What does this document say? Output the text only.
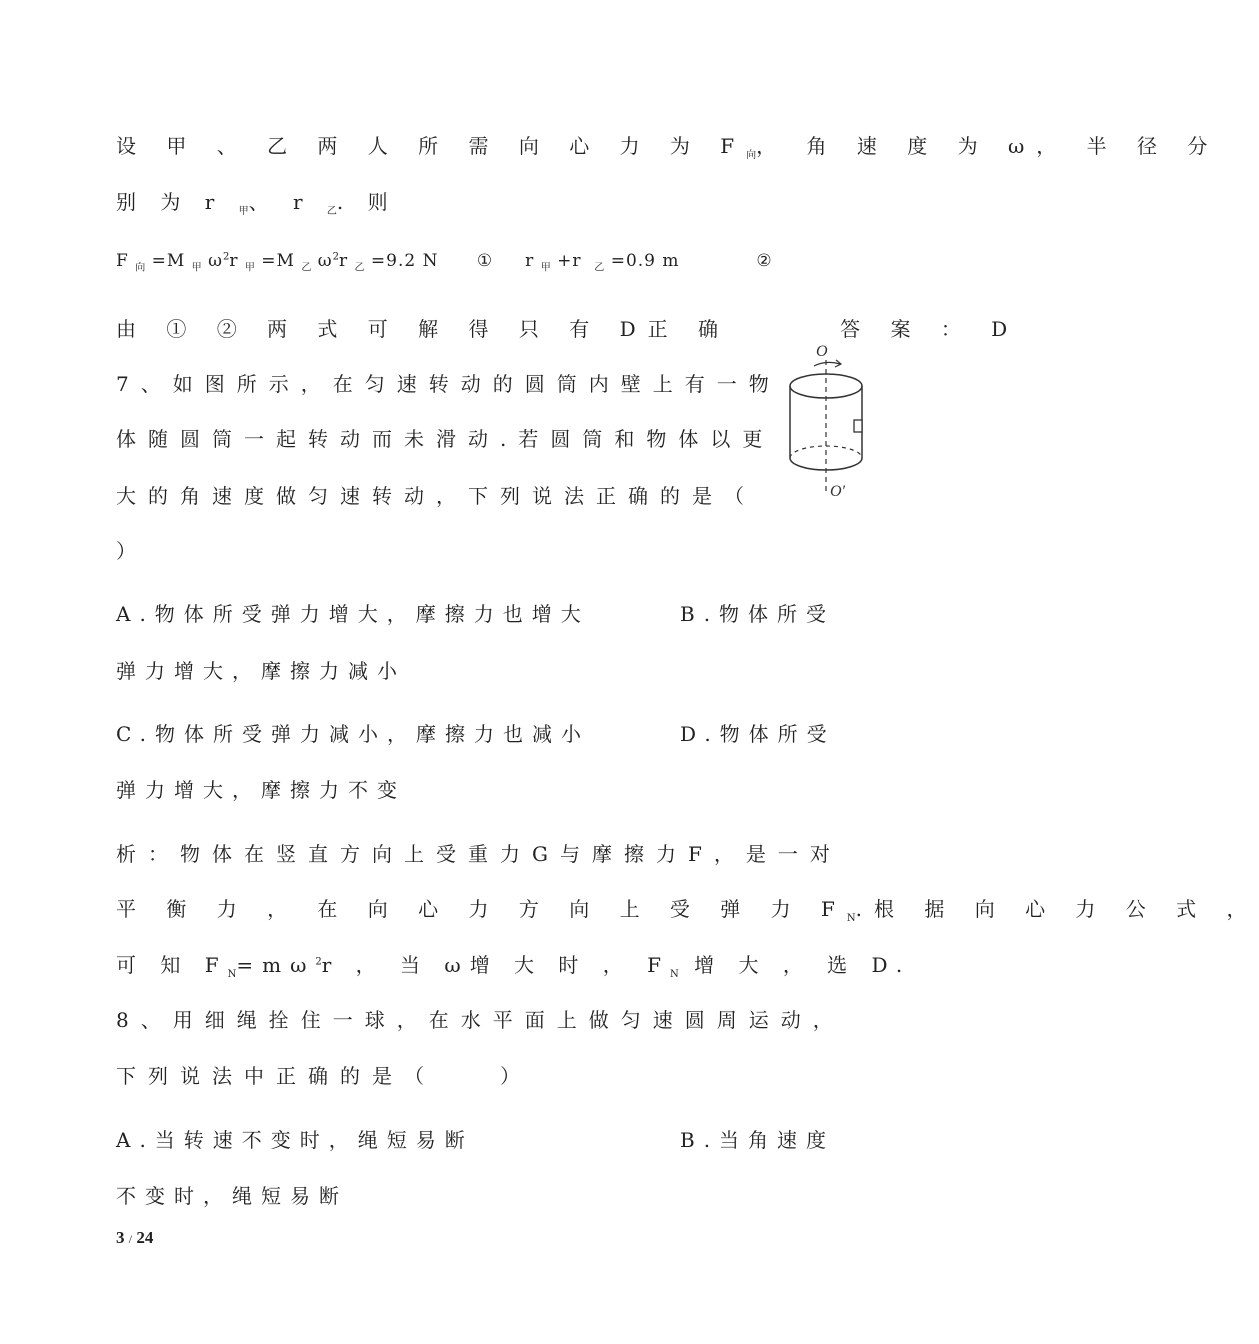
设 甲 、 乙 两 人 所 需 向 心 力 为 $F_向$， 角 速 度 为 ω， 半 径 分
别 为 r $_甲$、 r $_乙$. 则
F $_向$ =M $_甲$ $\omega^2r$ $_甲$ =M $_乙$ $\omega^2r$ $_乙$ =9.2 N      ①     r $_甲$ +r  $_乙$ =0.9 m            ②
由 ① ② 两 式 可 解 得 只 有 D正 确      答 案 ： D
7、如图所示，在匀速转动的圆筒内壁上有一物
体随圆筒一起转动而未滑动.若圆筒和物体以更
大的角速度做匀速转动，下列说法正确的是（
）
O
O′
A.物体所受弹力增大，摩擦力也增大	B.物体所受
弹力增大，摩擦力减小
C.物体所受弹力减小，摩擦力也减小	D.物体所受
弹力增大，摩擦力不变
析：物体在竖直方向上受重力G与摩擦力F，是一对
平 衡 力 ， 在 向 心 力 方 向 上 受 弹 力 $F_N$.根 据 向 心 力 公 式 ，
可 知 $F_N=m\omega^2r$ ， 当 ω增 大 时 ， $F_N$ 增 大 ， 选 D.
8、用细绳拴住一球，在水平面上做匀速圆周运动，
下列说法中正确的是（　　）
A.当转速不变时，绳短易断	B.当角速度
不变时，绳短易断
3 / 24
